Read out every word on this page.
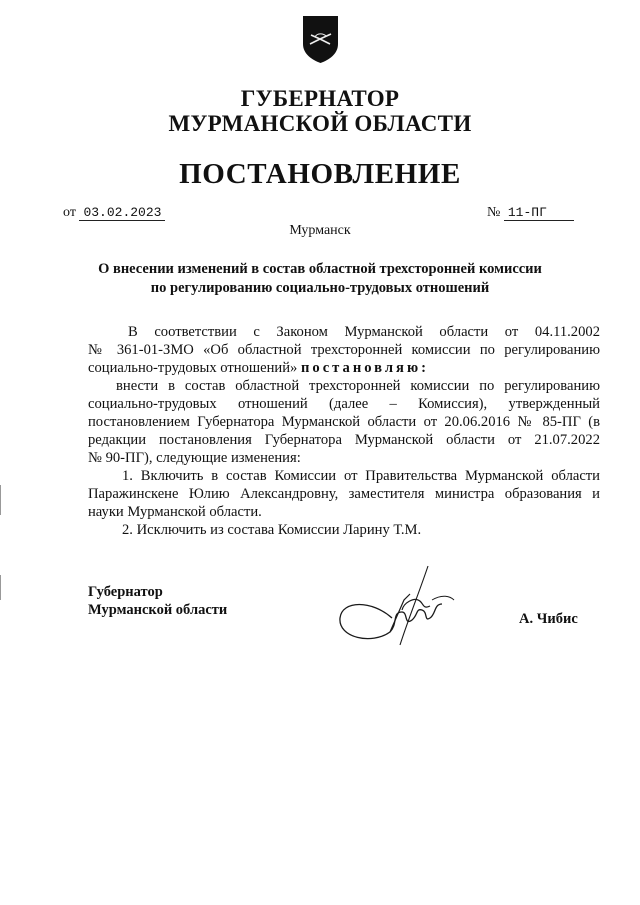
ГУБЕРНАТОР
МУРМАНСКОЙ ОБЛАСТИ
ПОСТАНОВЛЕНИЕ
от 03.02.2023	№ 11-ПГ
Мурманск
О внесении изменений в состав областной трехсторонней комиссии
по регулированию социально-трудовых отношений
В соответствии с Законом Мурманской области от 04.11.2002
№ 361-01-ЗМО «Об областной трехсторонней комиссии по регулированию
социально-трудовых отношений» постановляю:
внести в состав областной трехсторонней комиссии по регулированию
социально-трудовых отношений (далее – Комиссия), утвержденный
постановлением Губернатора Мурманской области от 20.06.2016 № 85-ПГ (в
редакции постановления Губернатора Мурманской области от 21.07.2022
№ 90-ПГ), следующие изменения:
1. Включить в состав Комиссии от Правительства Мурманской области
Паражинскене Юлию Александровну, заместителя министра образования и
науки Мурманской области.
2. Исключить из состава Комиссии Ларину Т.М.
Губернатор
Мурманской области
А. Чибис
